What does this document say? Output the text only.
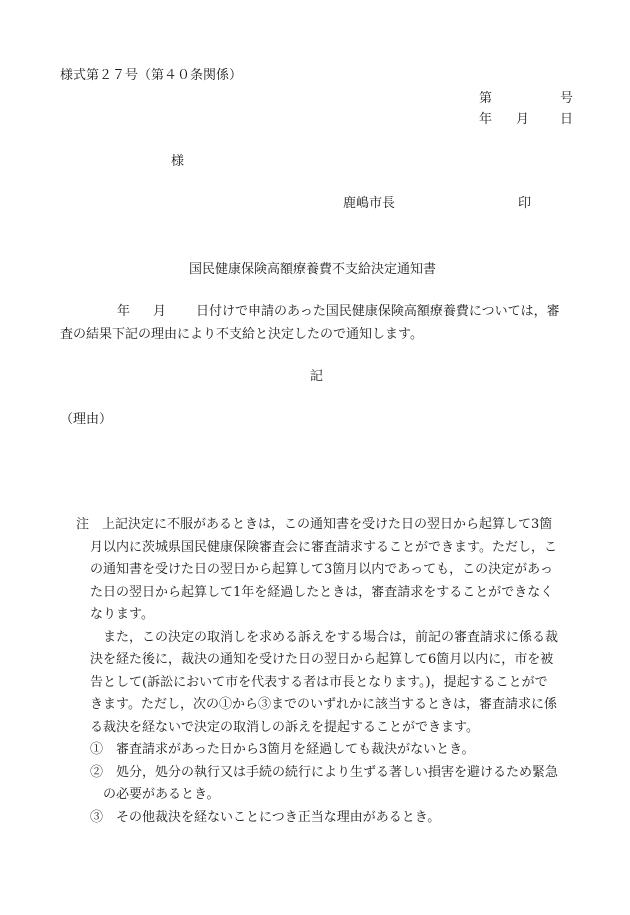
様式第２７号（第４０条関係）
第	号
年 月 日
様
鹿嶋市長	印
国民健康保険高額療養費不支給決定通知書
年 月 日付けで申請のあった国民健康保険高額療養費については，審
査の結果下記の理由により不支給と決定したので通知します。
記
（理由）
注　上記決定に不服があるときは，この通知書を受けた日の翌日から起算して3箇
月以内に茨城県国民健康保険審査会に審査請求することができます。ただし，こ
の通知書を受けた日の翌日から起算して3箇月以内であっても，この決定があっ
た日の翌日から起算して1年を経過したときは，審査請求をすることができなく
なります。
また，この決定の取消しを求める訴えをする場合は，前記の審査請求に係る裁
決を経た後に，裁決の通知を受けた日の翌日から起算して6箇月以内に，市を被
告として(訴訟において市を代表する者は市長となります。)，提起することがで
きます。ただし，次の①から③までのいずれかに該当するときは，審査請求に係
る裁決を経ないで決定の取消しの訴えを提起することができます。
①　審査請求があった日から3箇月を経過しても裁決がないとき。
②　処分，処分の執行又は手続の続行により生ずる著しい損害を避けるため緊急
の必要があるとき。
③　その他裁決を経ないことにつき正当な理由があるとき。
